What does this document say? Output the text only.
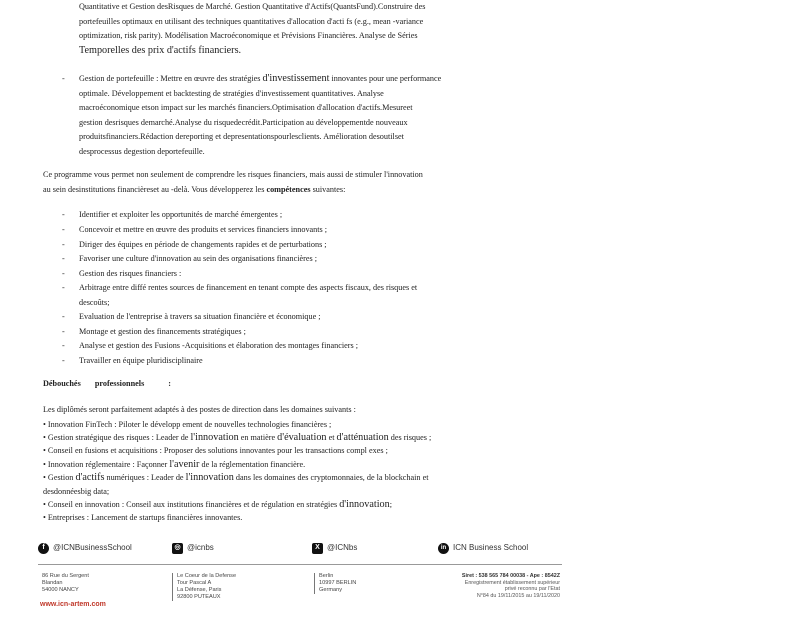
Quantitative et Gestion desRisques de Marché. Gestion Quantitative d'Actifs(QuantsFund).Construire des
portefeuilles optimaux en utilisant des techniques quantitatives d'allocation d'acti fs (e.g., mean -variance
optimization, risk parity). Modélisation Macroéconomique et Prévisions Financières. Analyse de Séries
Temporelles des prix d'actifs financiers.
- Gestion de portefeuille : Mettre en œuvre des stratégies d'investissement innovantes pour une performance
optimale. Développement et backtesting de stratégies d'investissement quantitatives. Analyse
macroéconomique etson impact sur les marchés financiers.Optimisation d'allocation d'actifs.Mesureet
gestion desrisques demarché.Analyse du risquedecrédit.Participation au développementde nouveaux
produitsfinanciers.Rédaction dereporting et depresentationspourlesclients. Amélioration desoutilset
desprocessus degestion deportefeuille.
Ce programme vous permet non seulement de comprendre les risques financiers, mais aussi de stimuler l'innovation
au sein desinstitutions financièreset au -delà. Vous développerez les compétences suivantes:
- Identifier et exploiter les opportunités de marché émergentes ;
- Concevoir et mettre en œuvre des produits et services financiers innovants ;
- Diriger des équipes en période de changements rapides et de perturbations ;
- Favoriser une culture d'innovation au sein des organisations financières ;
- Gestion des risques financiers :
- Arbitrage entre diffé rentes sources de financement en tenant compte des aspects fiscaux, des risques et
descoûts;
- Evaluation de l'entreprise à travers sa situation financière et économique ;
- Montage et gestion des financements stratégiques ;
- Analyse et gestion des Fusions -Acquisitions et élaboration des montages financiers ;
- Travailler en équipe pluridisciplinaire
Débouchés professionnels	:
Les diplômés seront parfaitement adaptés à des postes de direction dans les domaines suivants :
• Innovation FinTech : Piloter le développ ement de nouvelles technologies financières ;
• Gestion stratégique des risques : Leader de l'innovation en matière d'évaluation et d'atténuation des risques ;
• Conseil en fusions et acquisitions : Proposer des solutions innovantes pour les transactions compl exes ;
• Innovation réglementaire : Façonner l'avenir de la réglementation financière.
• Gestion d'actifs numériques : Leader de l'innovation dans les domaines des cryptomonnaies, de la blockchain et
desdonnéesbig data;
• Conseil en innovation : Conseil aux institutions financières et de régulation en stratégies d'innovation;
• Entreprises : Lancement de startups financières innovantes.
f	@ICNBusinessSchool	◎ @icnbs	X @ICNbs	in ICN Business School
86 Rue du Sergent
Blandan
54000 NANCY
Le Coeur de la Defense
Tour Pascal A
La Défense, Paris
92800 PUTEAUX
Berlin
10997 BERLIN
Germany
Siret : 538 565 784 00038 - Ape : 8542Z
Enregistrement établissement supérieur
privé reconnu par l'Etat
N°84 du 19/11/2015 au 19/11/2020
www.icn-artem.com
